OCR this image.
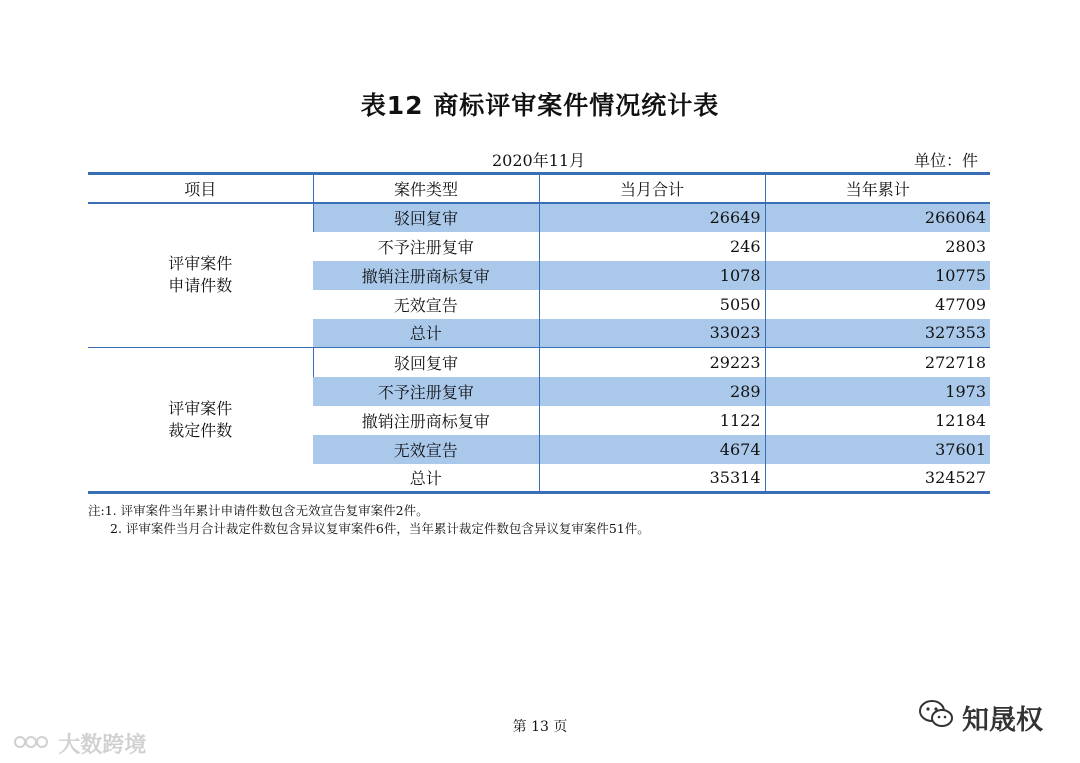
表12 商标评审案件情况统计表
2020年11月	单位：件
项目	案件类型	当月合计	当年累计

评审案件
申请件数	驳回复审	26649	266064
	不予注册复审	246	2803
	撤销注册商标复审	1078	10775
	无效宣告	5050	47709
	总计	33023	327353

评审案件
裁定件数	驳回复审	29223	272718
	不予注册复审	289	1973
	撤销注册商标复审	1122	12184
	无效宣告	4674	37601
	总计	35314	324527
注:1. 评审案件当年累计申请件数包含无效宣告复审案件2件。
2. 评审案件当月合计裁定件数包含异议复审案件6件，当年累计裁定件数包含异议复审案件51件。
第 13 页
大数跨境
知晟权
